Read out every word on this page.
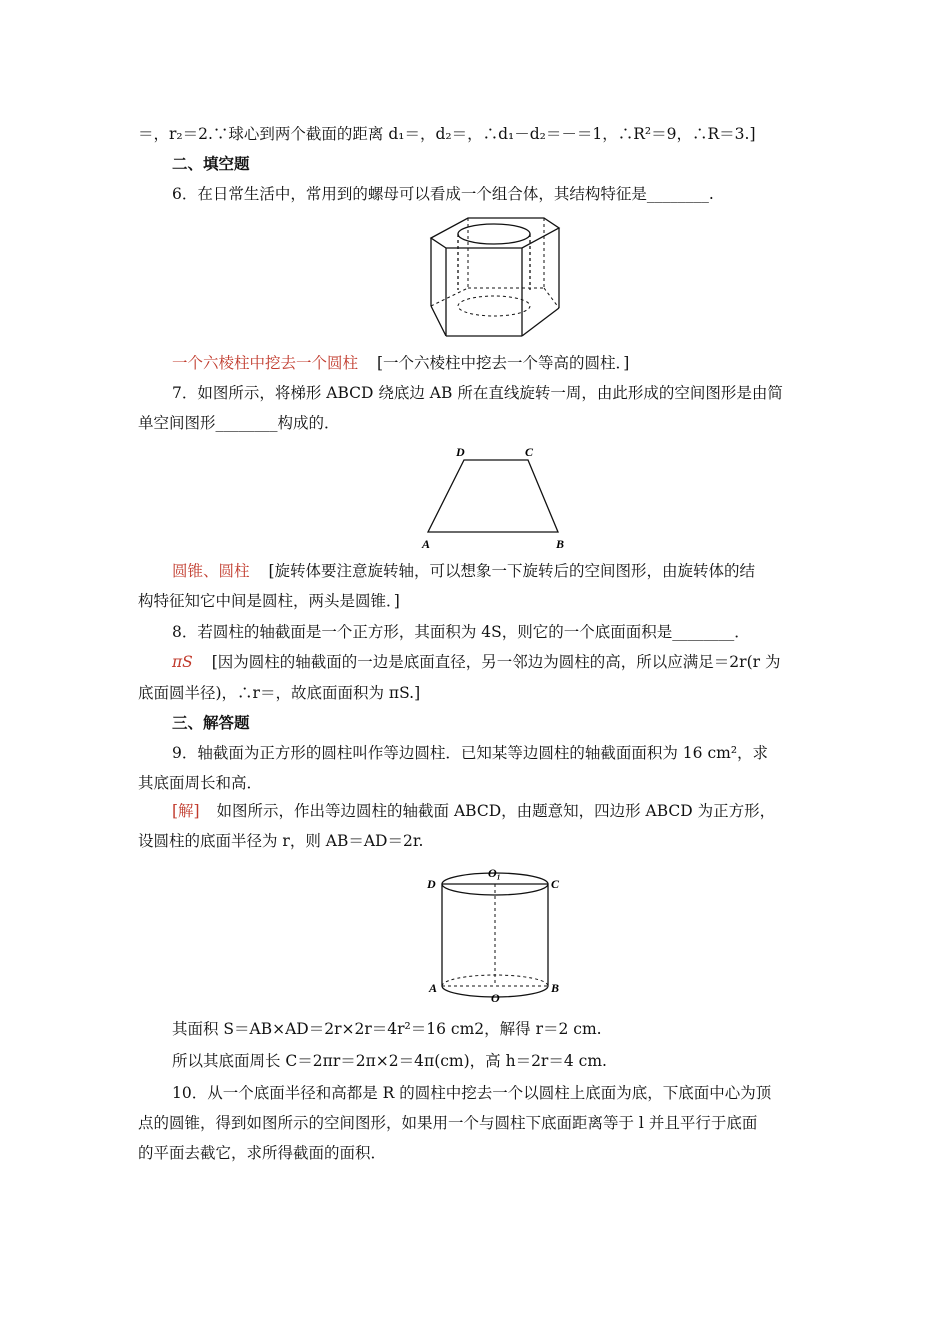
＝，r₂＝2.∵球心到两个截面的距离 d₁＝，d₂＝，∴d₁－d₂＝－＝1，∴R²＝9，∴R＝3.]
二、填空题
6．在日常生活中，常用到的螺母可以看成一个组合体，其结构特征是________.
一个六棱柱中挖去一个圆柱 [一个六棱柱中挖去一个等高的圆柱．]
7．如图所示，将梯形 ABCD 绕底边 AB 所在直线旋转一周，由此形成的空间图形是由简
单空间图形________构成的．
D	C
A	B
圆锥、圆柱 [旋转体要注意旋转轴，可以想象一下旋转后的空间图形，由旋转体的结
构特征知它中间是圆柱，两头是圆锥．]
8．若圆柱的轴截面是一个正方形，其面积为 4S，则它的一个底面面积是________．
πS [因为圆柱的轴截面的一边是底面直径，另一邻边为圆柱的高，所以应满足＝2r(r 为
底面圆半径)，∴r＝，故底面面积为 πS.]
三、解答题
9．轴截面为正方形的圆柱叫作等边圆柱．已知某等边圆柱的轴截面面积为 16 cm²，求
其底面周长和高．
[解] 如图所示，作出等边圆柱的轴截面 ABCD，由题意知，四边形 ABCD 为正方形，
设圆柱的底面半径为 r，则 AB＝AD＝2r.
D	C
O₁
A	B
O
其面积 S＝AB×AD＝2r×2r＝4r²＝16 cm2，解得 r＝2 cm.
所以其底面周长 C＝2πr＝2π×2＝4π(cm)，高 h＝2r＝4 cm.
10．从一个底面半径和高都是 R 的圆柱中挖去一个以圆柱上底面为底，下底面中心为顶
点的圆锥，得到如图所示的空间图形，如果用一个与圆柱下底面距离等于 l 并且平行于底面
的平面去截它，求所得截面的面积．
